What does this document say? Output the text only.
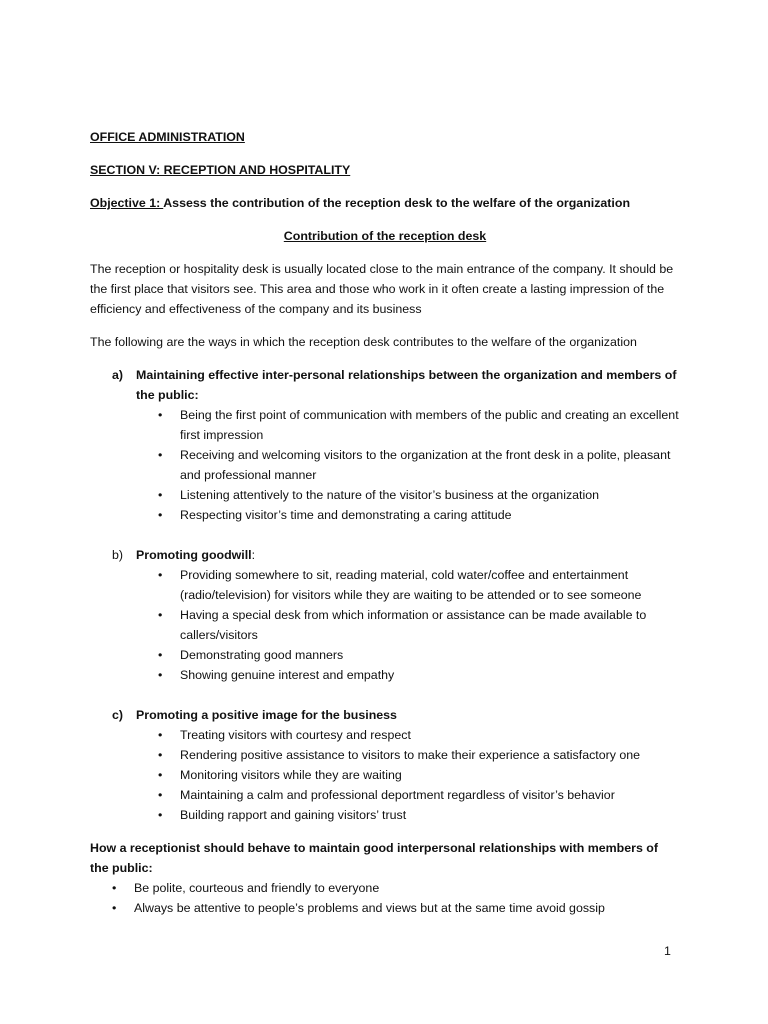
OFFICE ADMINISTRATION
SECTION V: RECEPTION AND HOSPITALITY
Objective 1: Assess the contribution of the reception desk to the welfare of the organization
Contribution of the reception desk
The reception or hospitality desk is usually located close to the main entrance of the company. It should be the first place that visitors see. This area and those who work in it often create a lasting impression of the efficiency and effectiveness of the company and its business
The following are the ways in which the reception desk contributes to the welfare of the organization
a) Maintaining effective inter-personal relationships between the organization and members of the public:
• Being the first point of communication with members of the public and creating an excellent first impression
• Receiving and welcoming visitors to the organization at the front desk in a polite, pleasant and professional manner
• Listening attentively to the nature of the visitor’s business at the organization
• Respecting visitor’s time and demonstrating a caring attitude
b) Promoting goodwill:
• Providing somewhere to sit, reading material, cold water/coffee and entertainment (radio/television) for visitors while they are waiting to be attended or to see someone
• Having a special desk from which information or assistance can be made available to callers/visitors
• Demonstrating good manners
• Showing genuine interest and empathy
c) Promoting a positive image for the business
• Treating visitors with courtesy and respect
• Rendering positive assistance to visitors to make their experience a satisfactory one
• Monitoring visitors while they are waiting
• Maintaining a calm and professional deportment regardless of visitor’s behavior
• Building rapport and gaining visitors’ trust
How a receptionist should behave to maintain good interpersonal relationships with members of the public:
• Be polite, courteous and friendly to everyone
• Always be attentive to people’s problems and views but at the same time avoid gossip
1
